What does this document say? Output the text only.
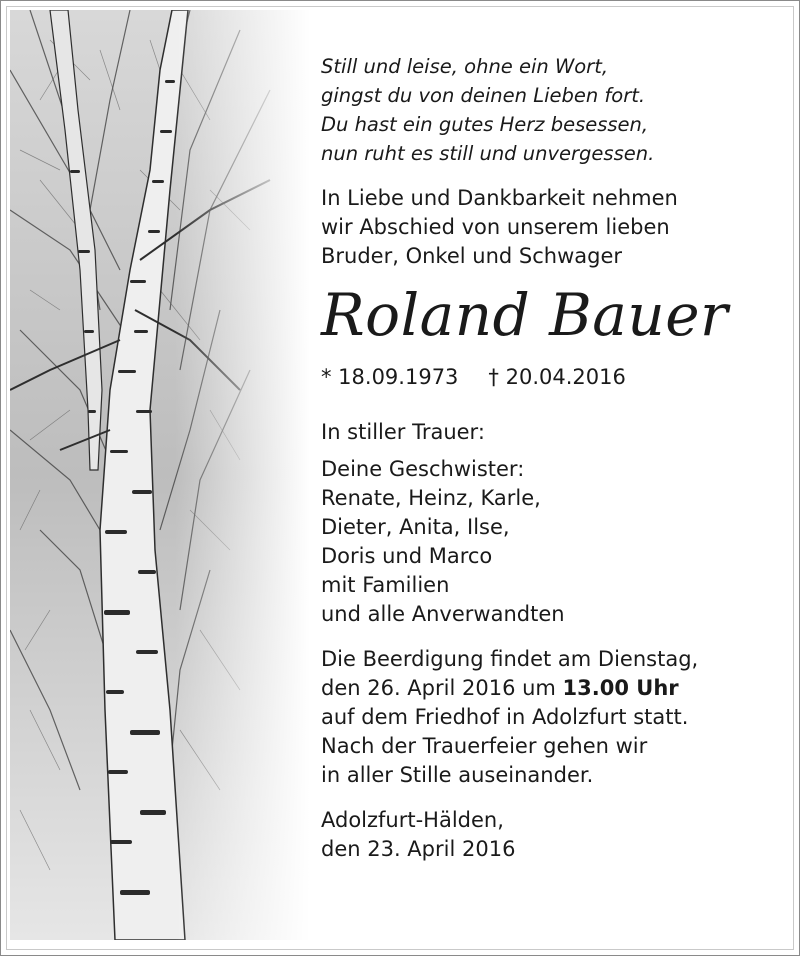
Still und leise, ohne ein Wort,
gingst du von deinen Lieben fort.
Du hast ein gutes Herz besessen,
nun ruht es still und unvergessen.
In Liebe und Dankbarkeit nehmen
wir Abschied von unserem lieben
Bruder, Onkel und Schwager
Roland Bauer
* 18.09.1973 † 20.04.2016
In stiller Trauer:
Deine Geschwister:
Renate, Heinz, Karle,
Dieter, Anita, Ilse,
Doris und Marco
mit Familien
und alle Anverwandten
Die Beerdigung findet am Dienstag,
den 26. April 2016 um 13.00 Uhr
auf dem Friedhof in Adolzfurt statt.
Nach der Trauerfeier gehen wir
in aller Stille auseinander.
Adolzfurt-Hälden,
den 23. April 2016
